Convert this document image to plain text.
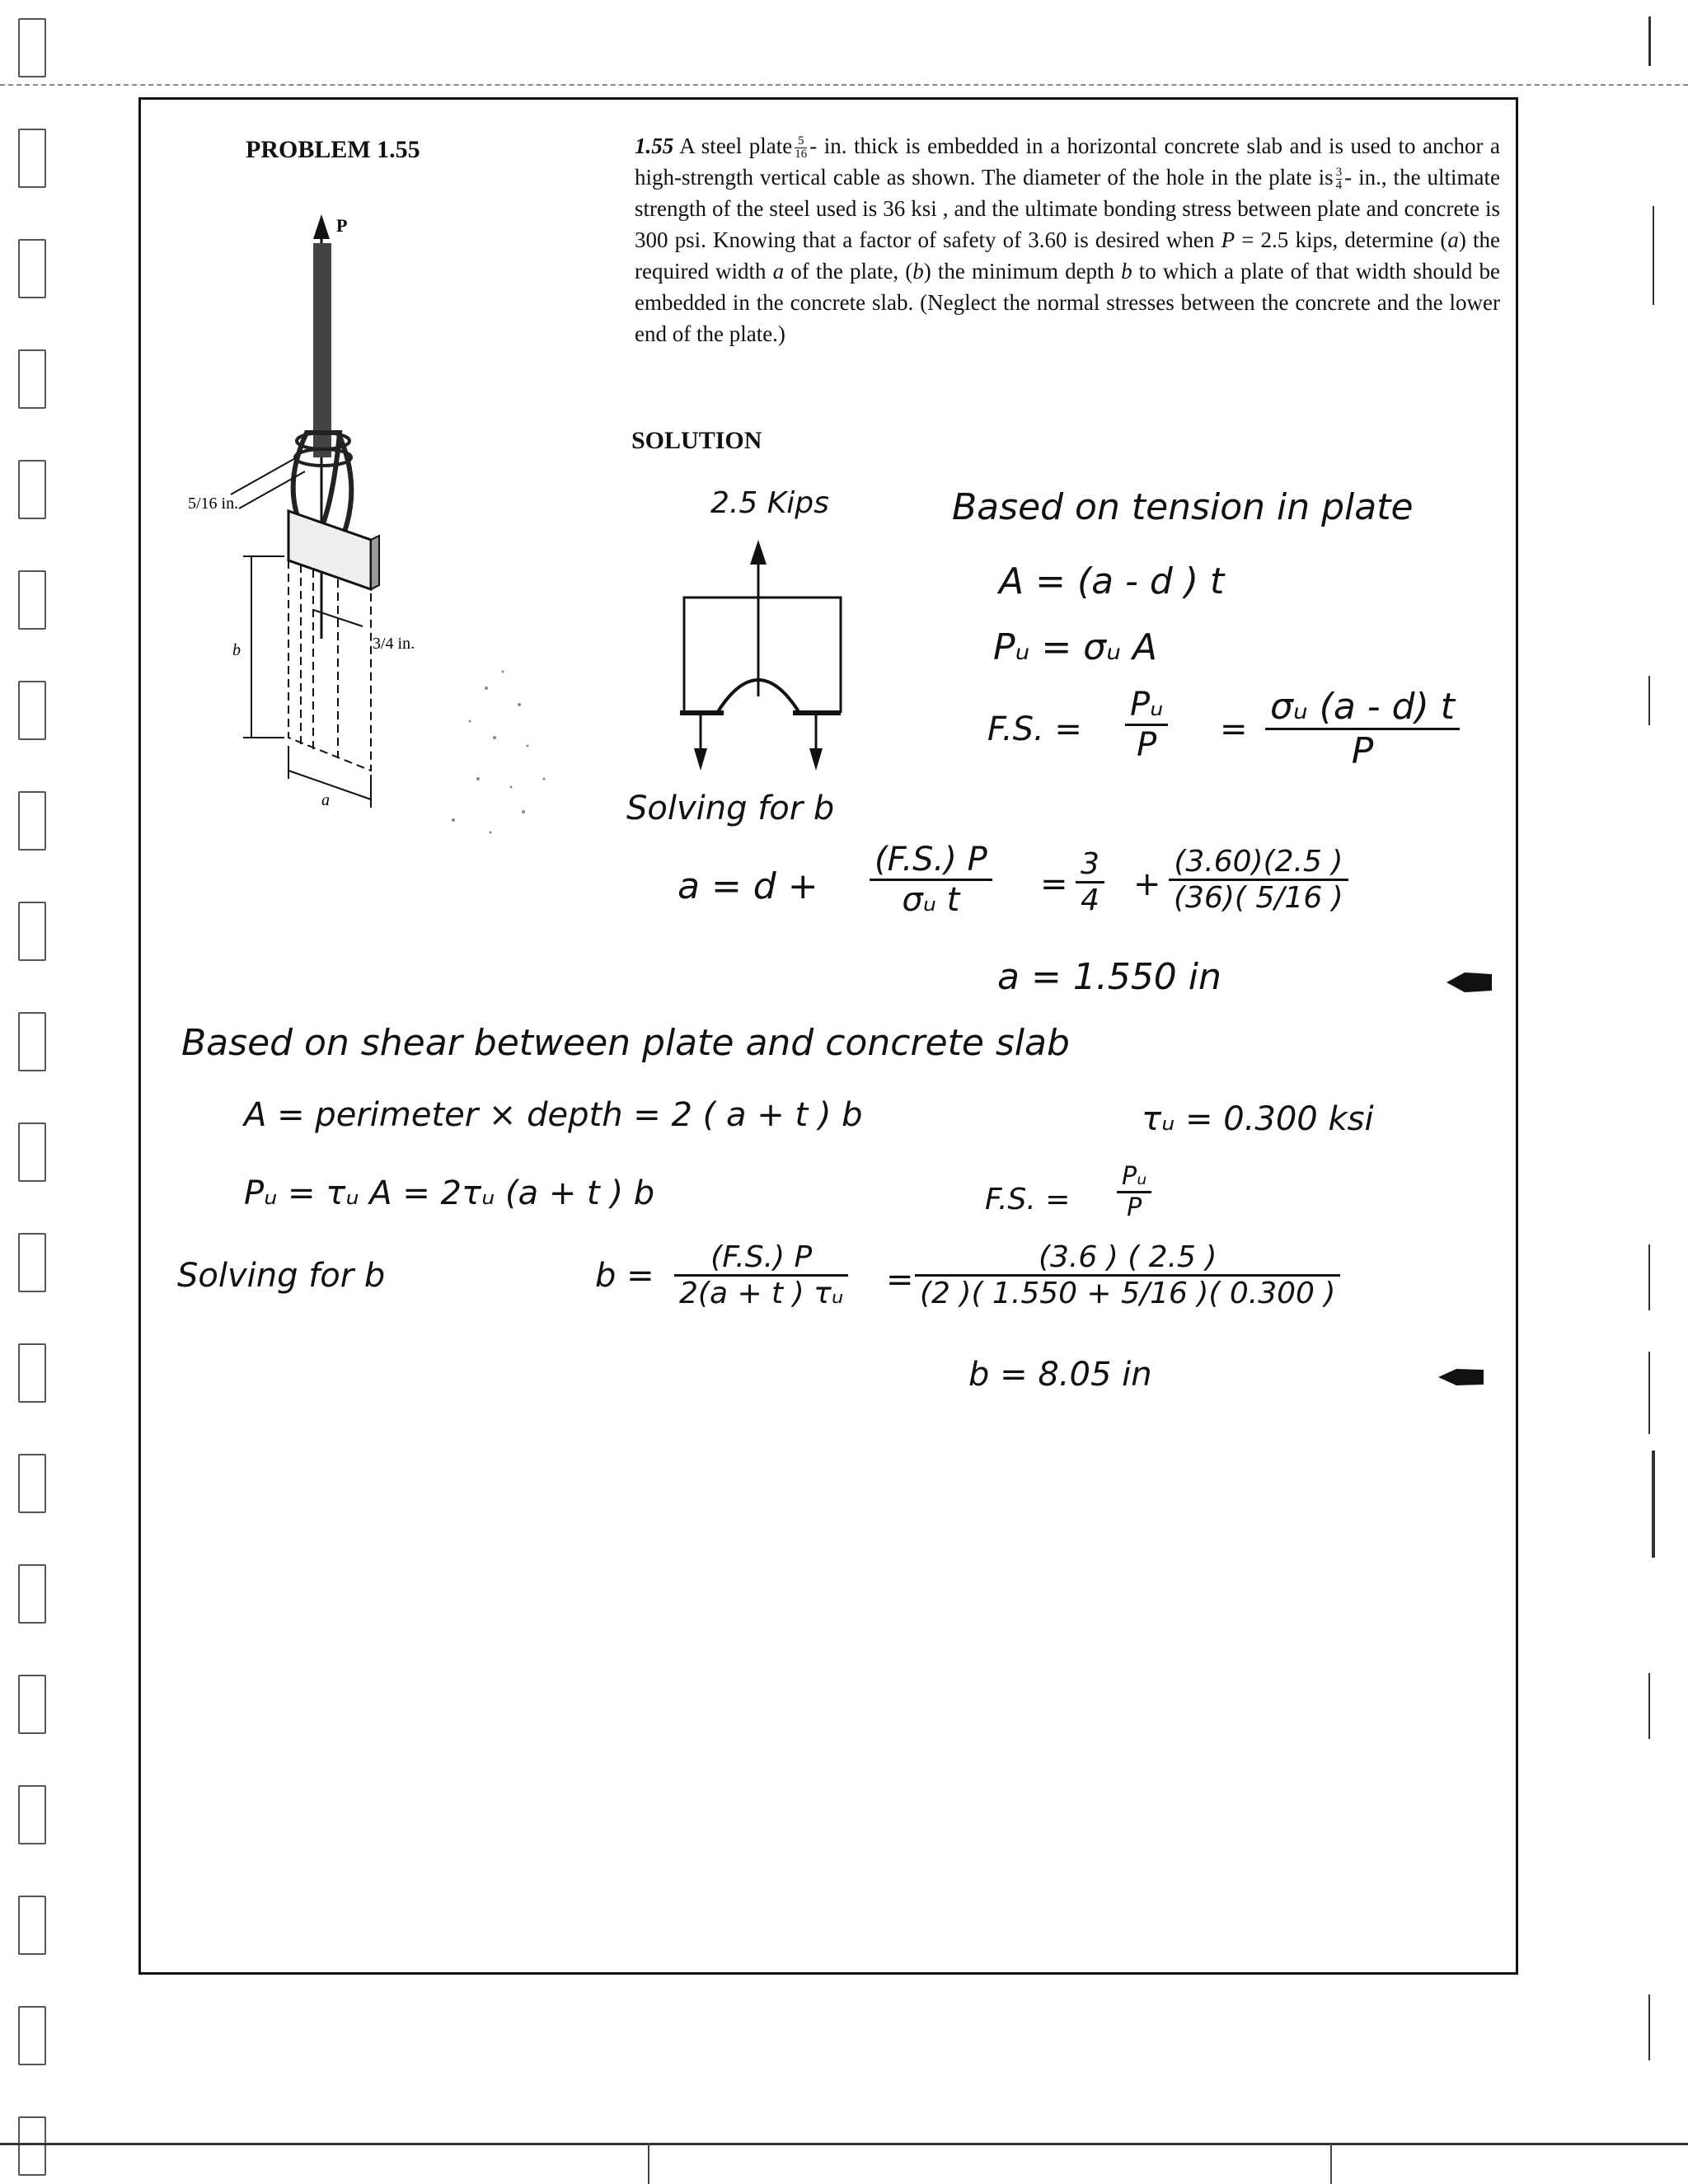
PROBLEM 1.55	1.55 A steel plate $\frac{5}{16}$ - in. thick is embedded in a horizontal concrete slab and is used to anchor a high-strength vertical cable as shown. The diameter of the hole in the plate is $\frac{3}{4}$ - in., the ultimate strength of the steel used is 36 ksi , and the ultimate bonding stress between plate and concrete is 300 psi. Knowing that a factor of safety of 3.60 is desired when P = 2.5 kips, determine (a) the required width a of the plate, (b) the minimum depth b to which a plate of that width should be embedded in the concrete slab. (Neglect the normal stresses between the concrete and the lower end of the plate.)
P
5/16 in.
3/4 in.
b
a
SOLUTION
2.5 Kips	Based on tension in plate
A = (a - d ) t
Pᵤ = σᵤ A
F.S. =
Pᵤ
P	=
σᵤ (a - d) t
P
Solving for b
a = d +
(F.S.) P
σᵤ t	=
3
4 +
(3.60)(2.5 )
(36)( 5/16 )
a = 1.550 in
Based on shear between plate and concrete slab
A = perimeter × depth = 2 ( a + t ) b	τᵤ = 0.300 ksi
Pᵤ = τᵤ A = 2τᵤ (a + t ) b	F.S. =
Pᵤ
P
Solving for b	b =	(F.S.) P
2(a + t ) τᵤ =
(3.6 ) ( 2.5 )
(2 )( 1.550 + 5/16 )( 0.300 )
b = 8.05 in
